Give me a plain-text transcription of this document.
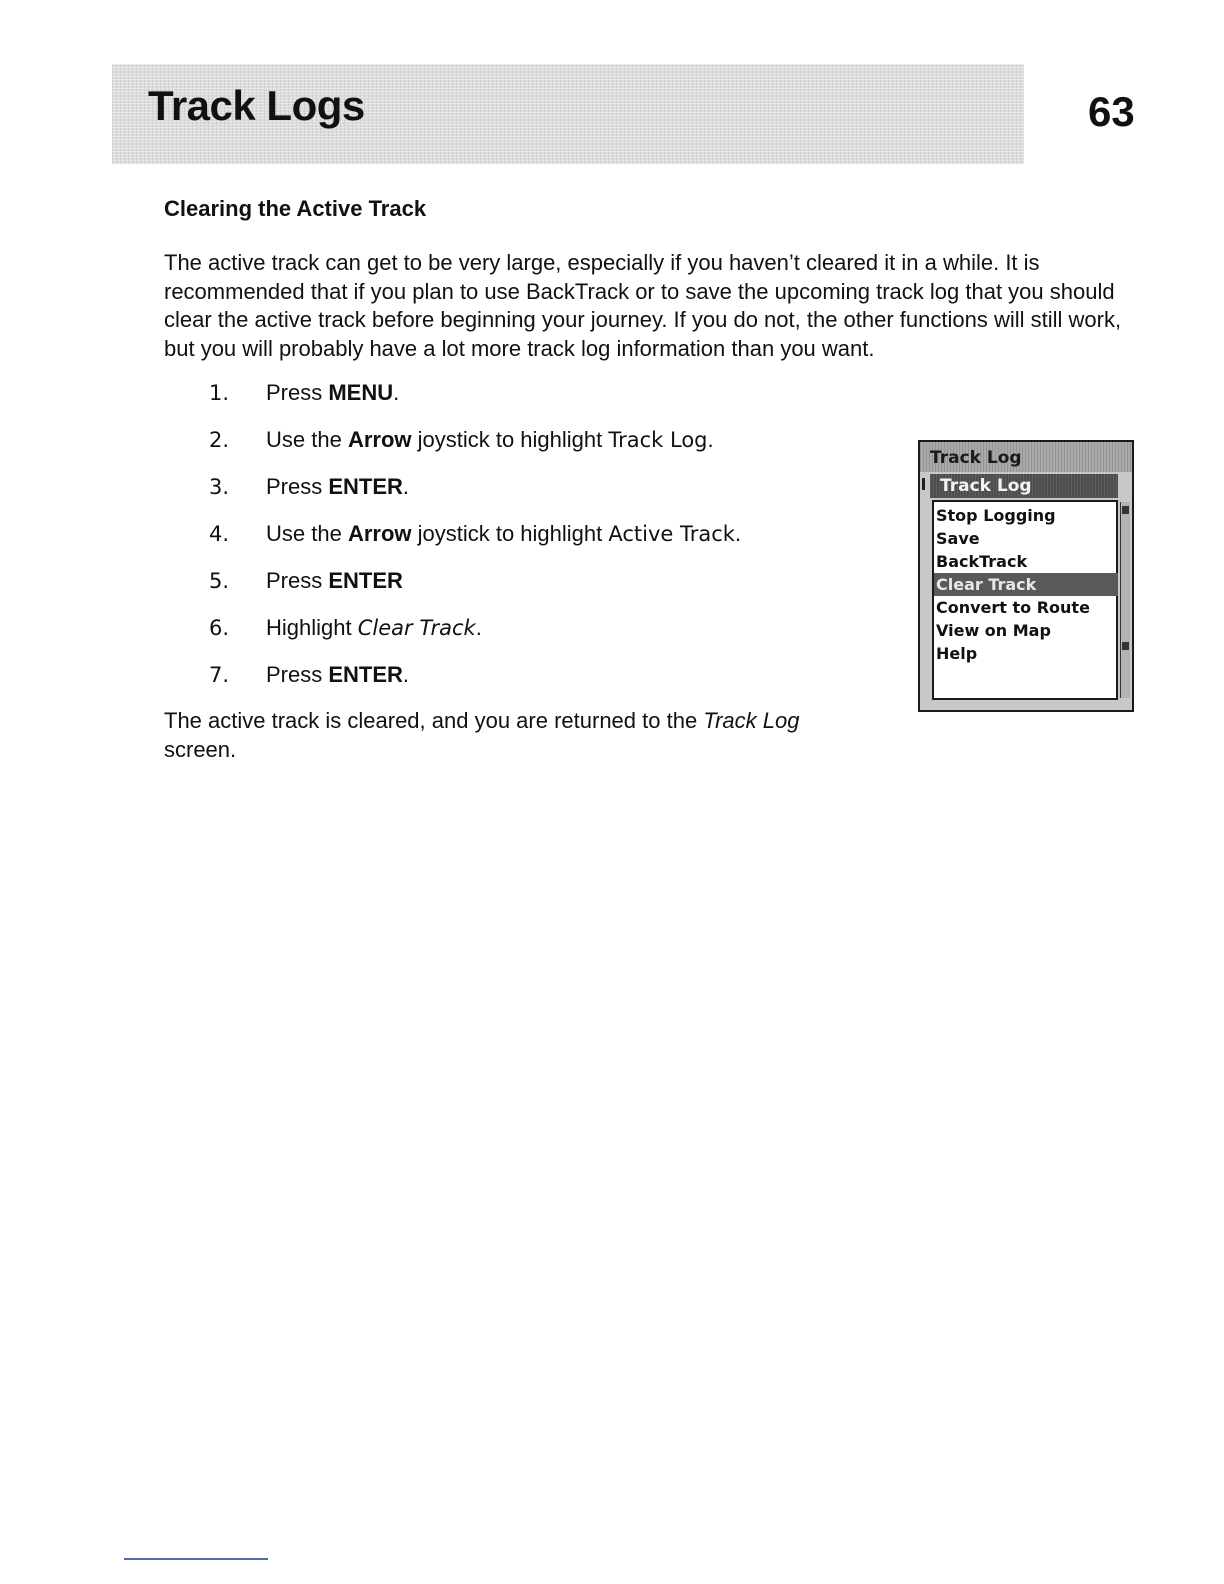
Track Logs	63
Clearing the Active Track

The active track can get to be very large, especially if you haven’t cleared it in a while. It is recommended that if you plan to use BackTrack or to save the upcoming track log that you should clear the active track before beginning your journey. If you do not, the other functions will still work, but you will probably have a lot more track log information than you want.

1.	Press MENU.
2.	Use the Arrow joystick to highlight Track Log.
3.	Press ENTER.
4.	Use the Arrow joystick to highlight Active Track.
5.	Press ENTER
6.	Highlight Clear Track.
7.	Press ENTER.

The active track is cleared, and you are returned to the Track Log screen.

Track Log
Track Log
Stop Logging
Save
BackTrack
Clear Track
Convert to Route
View on Map
Help
